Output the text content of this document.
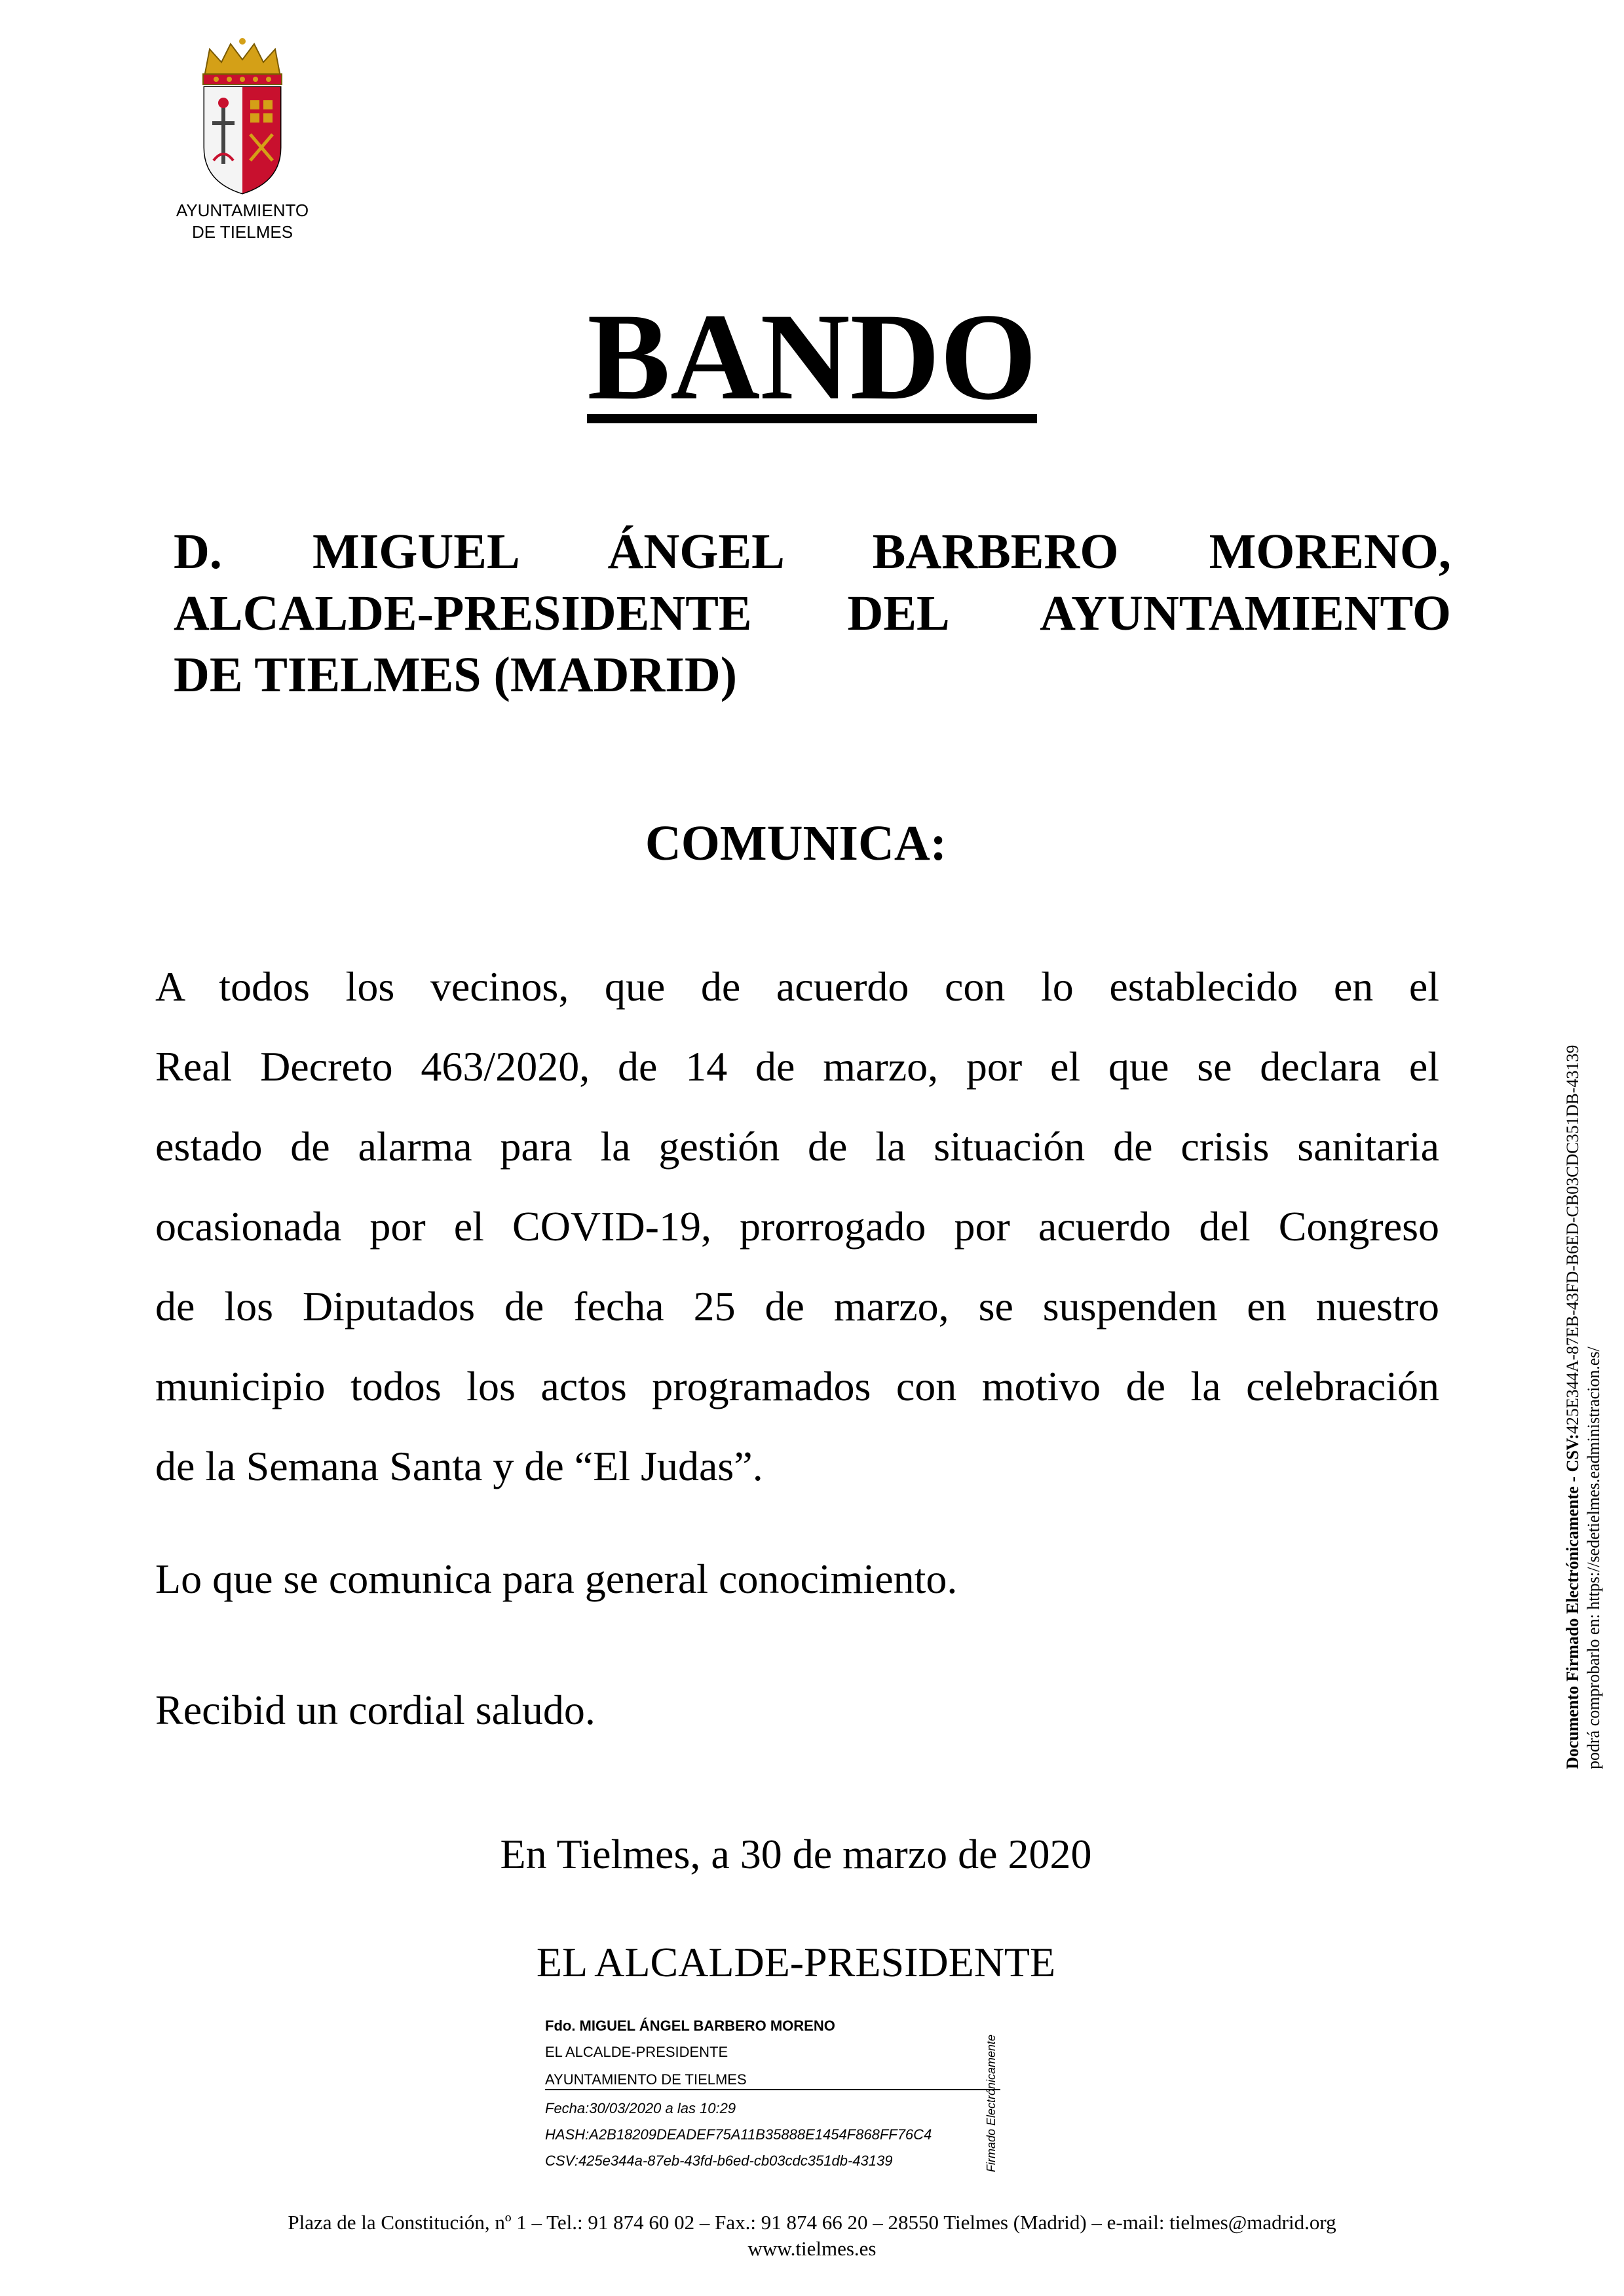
AYUNTAMIENTO
DE TIELMES
BANDO
D. MIGUEL ÁNGEL BARBERO MORENO,
ALCALDE-PRESIDENTE DEL AYUNTAMIENTO
DE TIELMES (MADRID)
COMUNICA:
A todos los vecinos, que de acuerdo con lo establecido en el
Real Decreto 463/2020, de 14 de marzo, por el que se declara el
estado de alarma para la gestión de la situación de crisis sanitaria
ocasionada por el COVID-19, prorrogado por acuerdo del Congreso
de los Diputados de fecha 25 de marzo, se suspenden en nuestro
municipio todos los actos programados con motivo de la celebración
de la Semana Santa y de “El Judas”.
Lo que se comunica para general conocimiento.
Recibid un cordial saludo.
En Tielmes, a 30 de marzo de 2020
EL ALCALDE-PRESIDENTE
Fdo. MIGUEL ÁNGEL BARBERO MORENO
EL ALCALDE-PRESIDENTE
AYUNTAMIENTO DE TIELMES
Fecha:30/03/2020 a las 10:29
HASH:A2B18209DEADEF75A11B35888E1454F868FF76C4
CSV:425e344a-87eb-43fd-b6ed-cb03cdc351db-43139	Firmado Electrónicamente
Documento Firmado Electrónicamente - CSV:425E344A-87EB-43FD-B6ED-CB03CDC351DB-43139
podrá comprobarlo en: https://sedetielmes.eadministracion.es/
Plaza de la Constitución, nº 1 – Tel.: 91 874 60 02 – Fax.: 91 874 66 20 – 28550 Tielmes (Madrid) – e-mail: tielmes@madrid.org
www.tielmes.es
